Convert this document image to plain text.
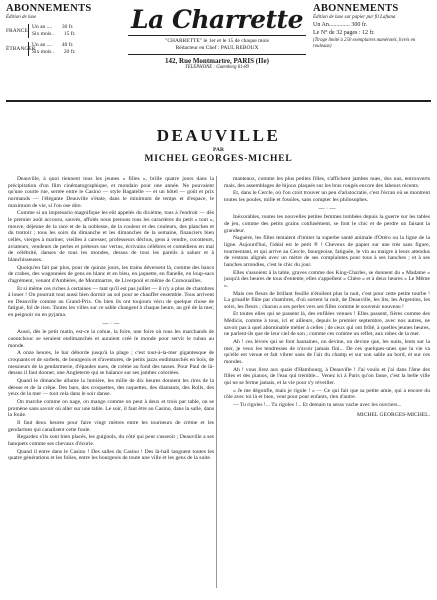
ABONNEMENTS
Édition de luxe
FRANCE
Un an .... 30 fr.
Six mois . 15 fr.
ÉTRANGER
Un an .... 40 fr.
Six mois . 20 fr.
La Charrette
"CHARRETTE" le 1er et le 15 de chaque mois
Rédacteur en Chef : PAUL REBOUX
142, Rue Montmartre, PARIS (IIe)
TÉLÉPHONE : Gutenberg 61-89
ABONNEMENTS
Édition de luxe sur papier pur fil Lafuma
Un An.............. 300 fr.
Le N° de 32 pages : 12 fr.
(Tirage limité à 250 exemplaires numérotés, livrés en rouleaux)
DEAUVILLE
PAR
MICHEL GEORGES-MICHEL

Deauville, à quoi tiennent tous les jeunes « filles », brille quatre jours dans la précipitation d'un film cinématographique, et mondain pour une année. Ne pouvaient qu'une courte rue, serrée entre le Casino — style Bagatelle — et un hôtel — goût et prix normands — l'élégante Deauville s'étale, dans le minimum de temps et d'espace, le maximum de vie, si l'on ose dire.

Comme si un impresario magnifique les eût appelés du dixième, tous à l'endroit — dès le premier août accouru, sauvés, affolés nous prenons tous les caractères du petit « tout », mouve, déjeune de la race et de la noblesse, de la couleur et des couleurs, des planches et du trottoir ; tous les soirs du dimanche et les dimanches de la semaine, financiers bien cellés, vierges à mariner, vieilles à caresser, professeurs déchus, gens à vendre, cocotteurs, aviateurs, vendeurs de perles et préteurs sur vertus, écrivains célèbres et comédiens en mal de célébrité, danses de tous les mondes, dessus de tous les pareils à saluer et à blanchisseuses.

Quoiqu'en fait par plus, pour de quinze jours, les trains déversent là, comme des bancs de crabes, des wagonnées de gens en blanc et en bleu, en jaquette, en flanelle, en loup-sacs d'agrément, venant d'Ambères, de Montmartre, de Liverpool et même de Cornouailles.

Et si même ces riches à certaines — tant qu'il est pas juillet — il n'y a plus de chambres à louer ! On pourrait tout aussi bien dormir au sol pour se chauffer ensemble. Tous arrivent en Deauville comme au Grand-Prix. Ou bien ils ont toujours vécu de quelque chose de fatigué, fol de rien. Toutes les villes sur ce sable changent à chaque heure, au gré de la mer, en peignoir ou en pyjama.

— · —

Aussi, dès le petit matin, est-ce la cohue, la foire, une foire où tous les marchands de caoutchouc se seraient endimanchés et auraient créé le monde pour servir le ruban au monde.

A onze heures, le bar déborde jusqu'à la plage ; c'est tout-à-la-mer gigantesque de croquants et de sorbets, de bourgeois et d'aventures, de petits jazzs endimanchés en bois, de messieurs de la gendarmerie, d'épaules nues, de crème au fond des tasses. Pour Paul de là-dessus il faut donner, une Angleterre qui se balance sur ses jambes coloriées.

Quand le dimanche allume la lumière, les mille de dix heures donnent les rires de la déesse et de la crêpe. Des bars, des croquettes, des raquettes, des diamants, des Rolls, des yeux de la mer — tout cela dans le soir danse.

On marche comme on nage, on mange comme on peut à deux et trois par table, on se promène sans savoir où aller sur une table. Le soir, il faut être au Casino, dans la salle, dans la foule.

Il faut deux heures pour faire vingt mètres entre les tourneurs de crème et les gendarmes qui canalisent cette foule.

Regardez s'ils sont bien placés, les guignols, du côté qui peut s'asseoir ; Deauville a ses banquets comme ses chevaux d'écurie.

Quand il entre dans le Casino ! Des salles du Casino ! Des là-hall tanguent toutes les quatre générations et les folies, entre les bourgeois de toute une ville et les gens de la suite.

manteaux, comme les plus petites filles, s'affichent jambes nues, dos nus, entrouverts mais, des assemblages de bijoux plaqués sur les bras rongés encore des labeurs récents.

Et, dans le Cercle, où l'on croit trouver un peu d'aristocratie, c'est l'écran où se montrent toutes les poules, mille et fossiles, sans compter les philosophes.

— · —

Inéxorables, toutes les nouvelles petites femmes tombées depuis la guerre sur les tables de jeu, comme des petits grains confusément, se font le chic et de perdre un faisant la grandeur.

Naguère, les filles tentaient d'imiter la superbe santé animale d'Otéro ou la ligne de la ligne. Aujourd'hui, l'idéal est le petit ® ! Cheveux de papier sur une très sans figure, tourmentant, et qui arrive au Cercle, bourgeoise, fatiguée, le vin au maigre à leurs attendus de vestons alignés avec un mètre de ses complaintes pour tous à ses hanches ; et à ses hanches arrondies, c'est le chic du jour.

Elles s'assoient à la table, graves comme des King-Charles, se donnent du « Madame » jusqu'à des heures de tous d'entente, elles s'appellent « Chère » et à deux heures « Le Même ».

Mais ces fleurs de brillant feuille n'étoilent plus la nuit, c'est pour cette petite tourbe ! La grisaille flûte par chambres, d'où sortent la nuit, de Deauville, les lits, les Argentins, les soirs, les fleurs ; chacun a ses perles vers ses filles comme le souvenir nouveau !

Et toutes elles qui se passent là, des enfilées venues ! Elles passent, fières comme des Médicis, comme à tous, ici et ailleurs, depuis le premier septembre, avec nos autres, ne savoir pas à quel abominable métier à celles ; de ceux qui ont frôlé, à quelles jeunes heures, ne parlent-ils que de leur ciel de son ; comme ces comme un reflet, aux robes de la mer.

Ah ! ces lèvres qui se font hautaines, on devine, on devine que, les nuits, lents sur la mer, je veux les tendresses de n'avoir jamais fini... De ces quelques-unes que la vie va qu'elle est venue et fait vibrer sans de l'air du champ et sur son sable au bord, et sur ces mondes.

Ah ! vous lirez aux quais d'Hambourg, à Deauville ! J'ai voulu et j'ai dans l'âme des filles et des pianos, de l'eau qui tremble... Venez ici à Paris qu'on fasse, c'est la belle ville qui ne se ferme jamais, et la vie pour s'y réveiller.

« Je me dégonfle, mais je rigole ! » — Ce qui fait que sa petite amie, qui a encore du rôle avec toi là et bien, veut pour pour enfants, rien d'autre.

— Tu rigoles !... Tu rigoles !... Et demain tu seras vache avec les ouvriers...

MICHEL GEORGES-MICHEL.
